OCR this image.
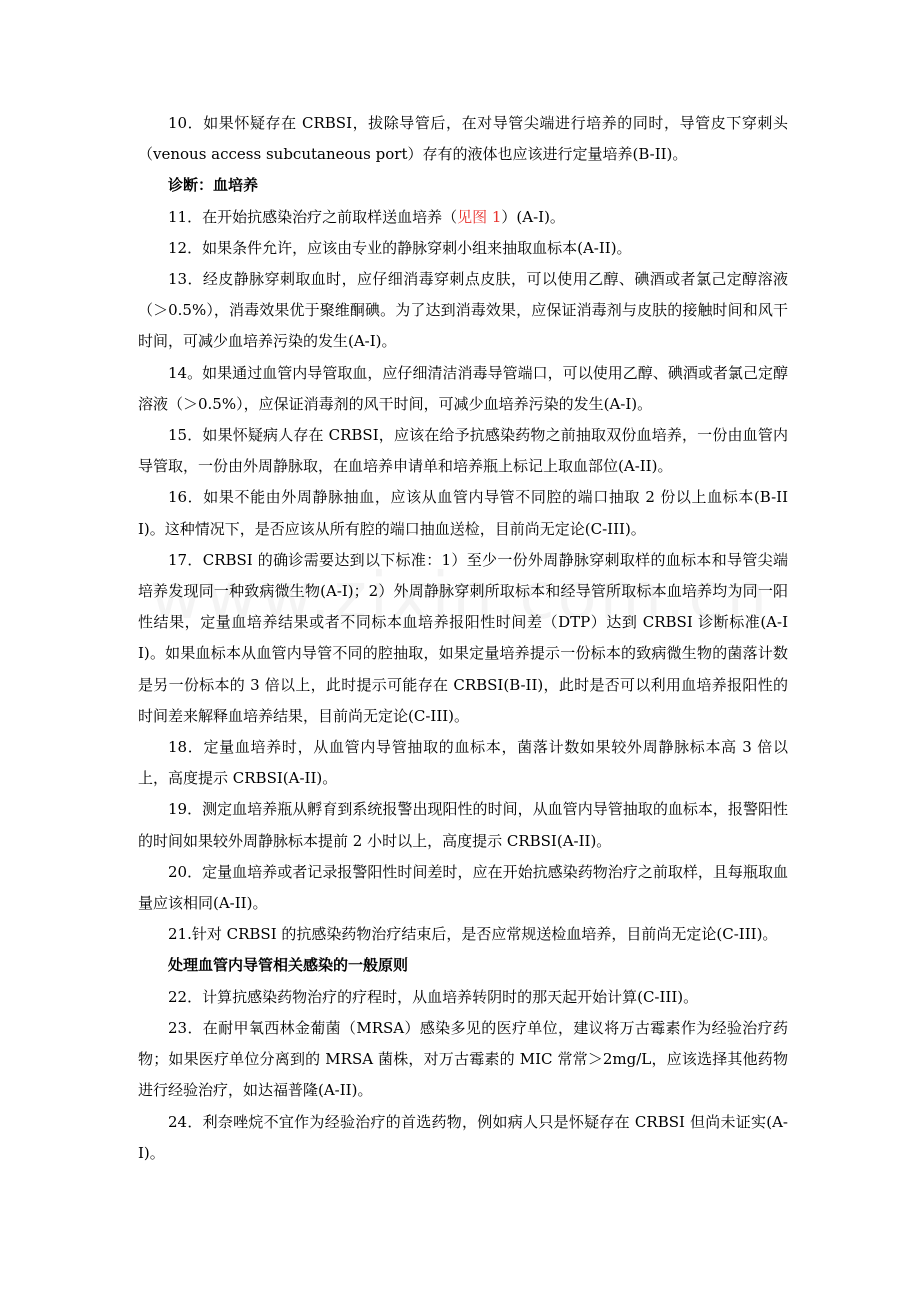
10．如果怀疑存在 CRBSI，拔除导管后，在对导管尖端进行培养的同时，导管皮下穿刺头（venous access subcutaneous port）存有的液体也应该进行定量培养(B-II)。

诊断：血培养

11．在开始抗感染治疗之前取样送血培养（见图 1）(A-I)。

12．如果条件允许，应该由专业的静脉穿刺小组来抽取血标本(A-II)。

13．经皮静脉穿刺取血时，应仔细消毒穿刺点皮肤，可以使用乙醇、碘酒或者氯己定醇溶液（＞0.5%），消毒效果优于聚维酮碘。为了达到消毒效果，应保证消毒剂与皮肤的接触时间和风干时间，可减少血培养污染的发生(A-I)。

14。如果通过血管内导管取血，应仔细清洁消毒导管端口，可以使用乙醇、碘酒或者氯己定醇溶液（＞0.5%），应保证消毒剂的风干时间，可减少血培养污染的发生(A-I)。

15．如果怀疑病人存在 CRBSI，应该在给予抗感染药物之前抽取双份血培养，一份由血管内导管取，一份由外周静脉取，在血培养申请单和培养瓶上标记上取血部位(A-II)。

16．如果不能由外周静脉抽血，应该从血管内导管不同腔的端口抽取 2 份以上血标本(B-III)。这种情况下，是否应该从所有腔的端口抽血送检，目前尚无定论(C-III)。

17．CRBSI 的确诊需要达到以下标准：1）至少一份外周静脉穿刺取样的血标本和导管尖端培养发现同一种致病微生物(A-I)；2）外周静脉穿刺所取标本和经导管所取标本血培养均为同一阳性结果，定量血培养结果或者不同标本血培养报阳性时间差（DTP）达到 CRBSI 诊断标准(A-II)。如果血标本从血管内导管不同的腔抽取，如果定量培养提示一份标本的致病微生物的菌落计数是另一份标本的 3 倍以上，此时提示可能存在 CRBSI(B-II)，此时是否可以利用血培养报阳性的时间差来解释血培养结果，目前尚无定论(C-III)。

18．定量血培养时，从血管内导管抽取的血标本，菌落计数如果较外周静脉标本高 3 倍以上，高度提示 CRBSI(A-II)。

19．测定血培养瓶从孵育到系统报警出现阳性的时间，从血管内导管抽取的血标本，报警阳性的时间如果较外周静脉标本提前 2 小时以上，高度提示 CRBSI(A-II)。

20．定量血培养或者记录报警阳性时间差时，应在开始抗感染药物治疗之前取样，且每瓶取血量应该相同(A-II)。

21.针对 CRBSI 的抗感染药物治疗结束后，是否应常规送检血培养，目前尚无定论(C-III)。

处理血管内导管相关感染的一般原则

22．计算抗感染药物治疗的疗程时，从血培养转阴时的那天起开始计算(C-III)。

23．在耐甲氧西林金葡菌（MRSA）感染多见的医疗单位，建议将万古霉素作为经验治疗药物；如果医疗单位分离到的 MRSA 菌株，对万古霉素的 MIC 常常＞2mg/L，应该选择其他药物进行经验治疗，如达福普隆(A-II)。

24．利奈唑烷不宜作为经验治疗的首选药物，例如病人只是怀疑存在 CRBSI 但尚未证实(A-I)。
